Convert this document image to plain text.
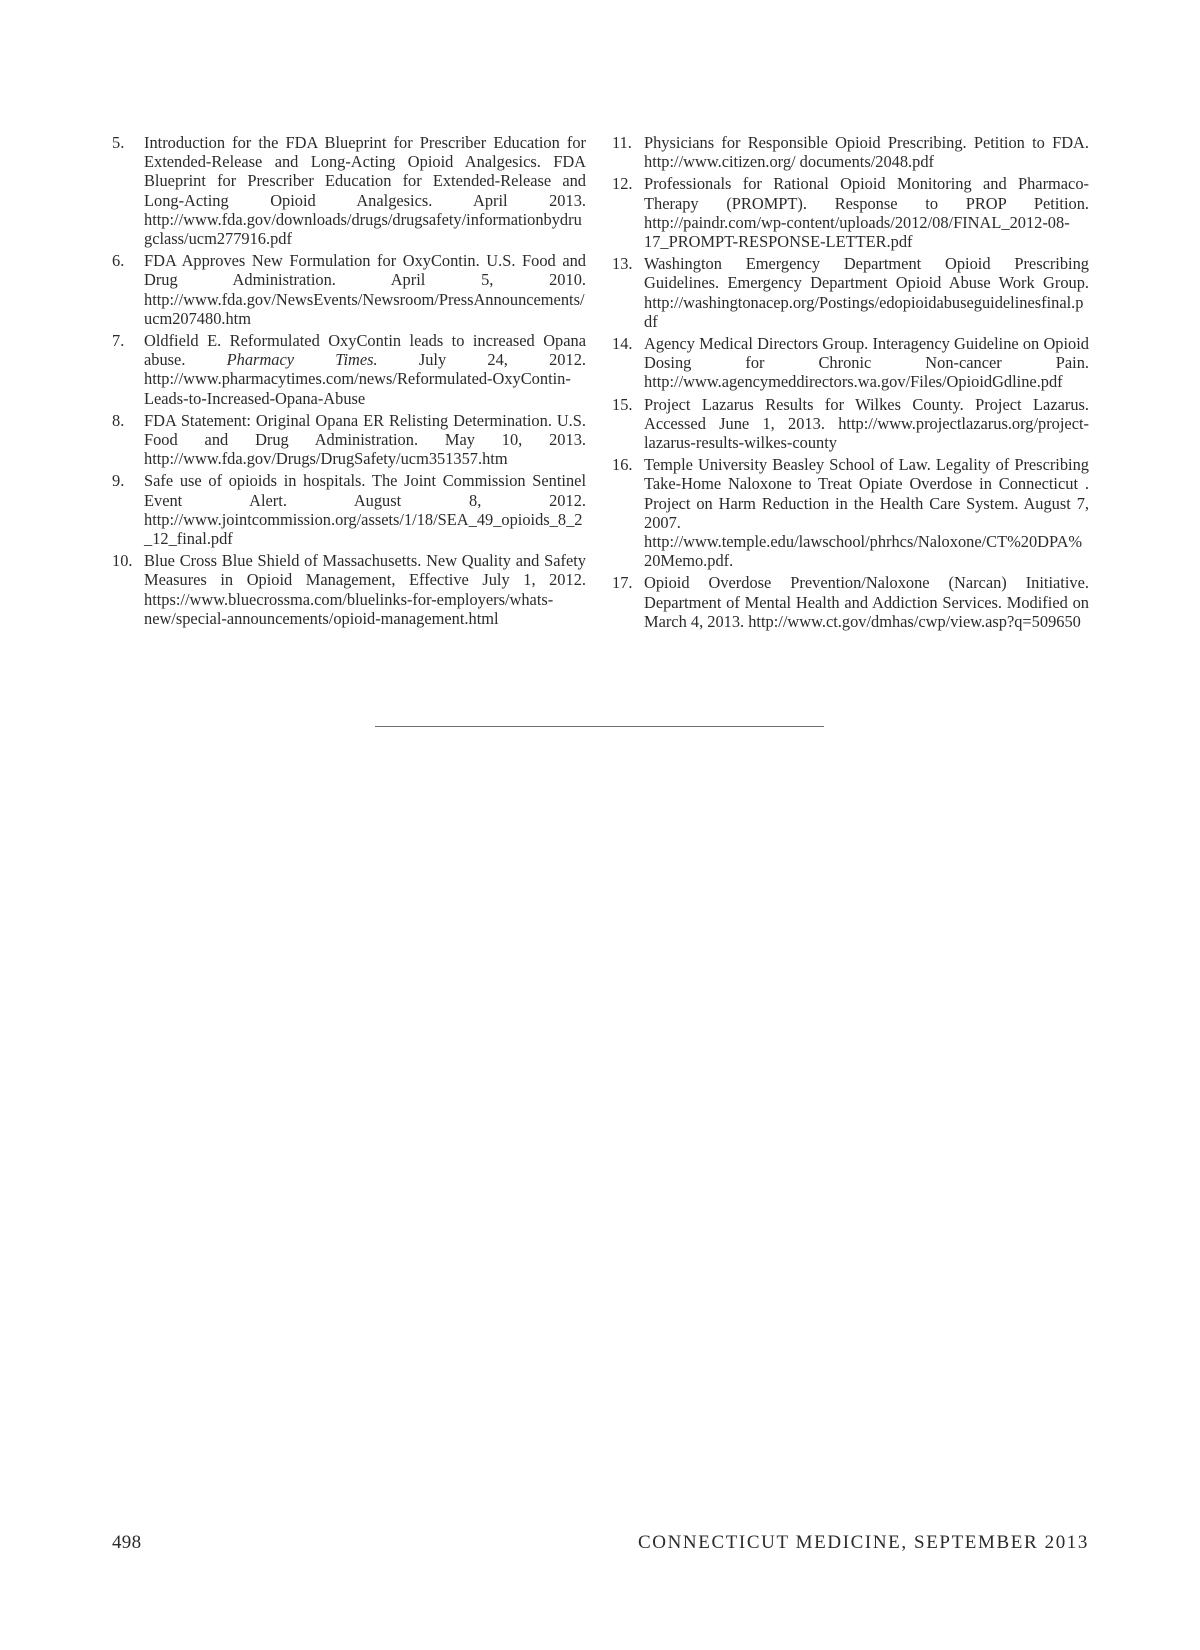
5.	Introduction for the FDA Blueprint for Prescriber Education for Extended-Release and Long-Acting Opioid Analgesics. FDA Blueprint for Prescriber Education for Extended-Release and Long-Acting Opioid Analgesics. April 2013. http://www.fda.gov/downloads/drugs/drugsafety/informationbydrugclass/ucm277916.pdf
6.	FDA Approves New Formulation for OxyContin. U.S. Food and Drug Administration. April 5, 2010. http://www.fda.gov/NewsEvents/Newsroom/PressAnnouncements/ucm207480.htm
7.	Oldfield E. Reformulated OxyContin leads to increased Opana abuse. Pharmacy Times. July 24, 2012. http://www.pharmacytimes.com/news/Reformulated-OxyContin-Leads-to-Increased-Opana-Abuse
8.	FDA Statement: Original Opana ER Relisting Determination. U.S. Food and Drug Administration. May 10, 2013. http://www.fda.gov/Drugs/DrugSafety/ucm351357.htm
9.	Safe use of opioids in hospitals. The Joint Commission Sentinel Event Alert. August 8, 2012. http://www.jointcommission.org/assets/1/18/SEA_49_opioids_8_2_12_final.pdf
10. Blue Cross Blue Shield of Massachusetts. New Quality and Safety Measures in Opioid Management, Effective July 1, 2012. https://www.bluecrossma.com/bluelinks-for-employers/whats-new/special-announcements/opioid-management.html
11. Physicians for Responsible Opioid Prescribing. Petition to FDA. http://www.citizen.org/ documents/2048.pdf
12. Professionals for Rational Opioid Monitoring and Pharmaco-Therapy (PROMPT). Response to PROP Petition. http://paindr.com/wp-content/uploads/2012/08/FINAL_2012-08-17_PROMPT-RESPONSE-LETTER.pdf
13. Washington Emergency Department Opioid Prescribing Guidelines. Emergency Department Opioid Abuse Work Group. http://washingtonacep.org/Postings/edopioidabuseguidelinesfinal.pdf
14. Agency Medical Directors Group. Interagency Guideline on Opioid Dosing for Chronic Non-cancer Pain. http://www.agencymeddirectors.wa.gov/Files/OpioidGdline.pdf
15. Project Lazarus Results for Wilkes County. Project Lazarus. Accessed June 1, 2013. http://www.projectlazarus.org/project-lazarus-results-wilkes-county
16. Temple University Beasley School of Law. Legality of Prescribing Take-Home Naloxone to Treat Opiate Overdose in Connecticut . Project on Harm Reduction in the Health Care System. August 7, 2007. http://www.temple.edu/lawschool/phrhcs/Naloxone/CT%20DPA%20Memo.pdf.
17. Opioid Overdose Prevention/Naloxone (Narcan) Initiative. Department of Mental Health and Addiction Services. Modified on March 4, 2013. http://www.ct.gov/dmhas/cwp/view.asp?q=509650
498	CONNECTICUT MEDICINE, SEPTEMBER 2013
